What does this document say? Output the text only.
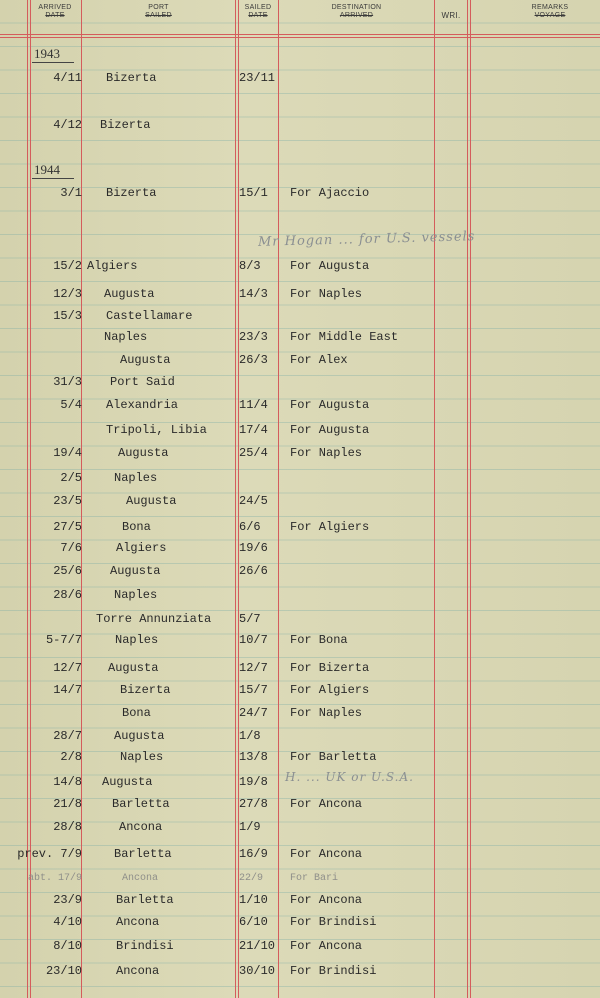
ARRIVED
DATE
PORT
SAILED
SAILED
DATE
DESTINATION
ARRIVED	WRI.
REMARKS
VOYAGE
1943
1944
Mr Hogan ... for U.S. vessels
H. ... UK or U.S.A.
4/11 Bizerta	23/11
4/12 Bizerta
3/1 Bizerta	15/1 For Ajaccio
15/2 Algiers	8/3 For Augusta
12/3 Augusta	14/3 For Naples
15/3 Castellamare
Naples	23/3 For Middle East
Augusta	26/3 For Alex
31/3 Port Said
5/4 Alexandria	11/4 For Augusta
Tripoli, Libia	17/4 For Augusta
19/4	Augusta	25/4 For Naples
2/5	Naples
23/5	Augusta	24/5
27/5	Bona	6/6 For Algiers
7/6	Algiers	19/6
25/6 Augusta	26/6
28/6	Naples
Torre Annunziata 5/7
5-7/7	Naples	10/7 For Bona
12/7 Augusta	12/7 For Bizerta
14/7	Bizerta	15/7 For Algiers
Bona	24/7 For Naples
28/7	Augusta	1/8
2/8	Naples	13/8 For Barletta
14/8 Augusta	19/8
21/8	Barletta	27/8 For Ancona
28/8	Ancona	1/9
prev. 7/9	Barletta	16/9 For Ancona
abt. 17/9	Ancona	22/9	For Bari
23/9	Barletta	1/10 For Ancona
4/10	Ancona	6/10 For Brindisi
8/10	Brindisi	21/10 For Ancona
23/10	Ancona	30/10 For Brindisi
